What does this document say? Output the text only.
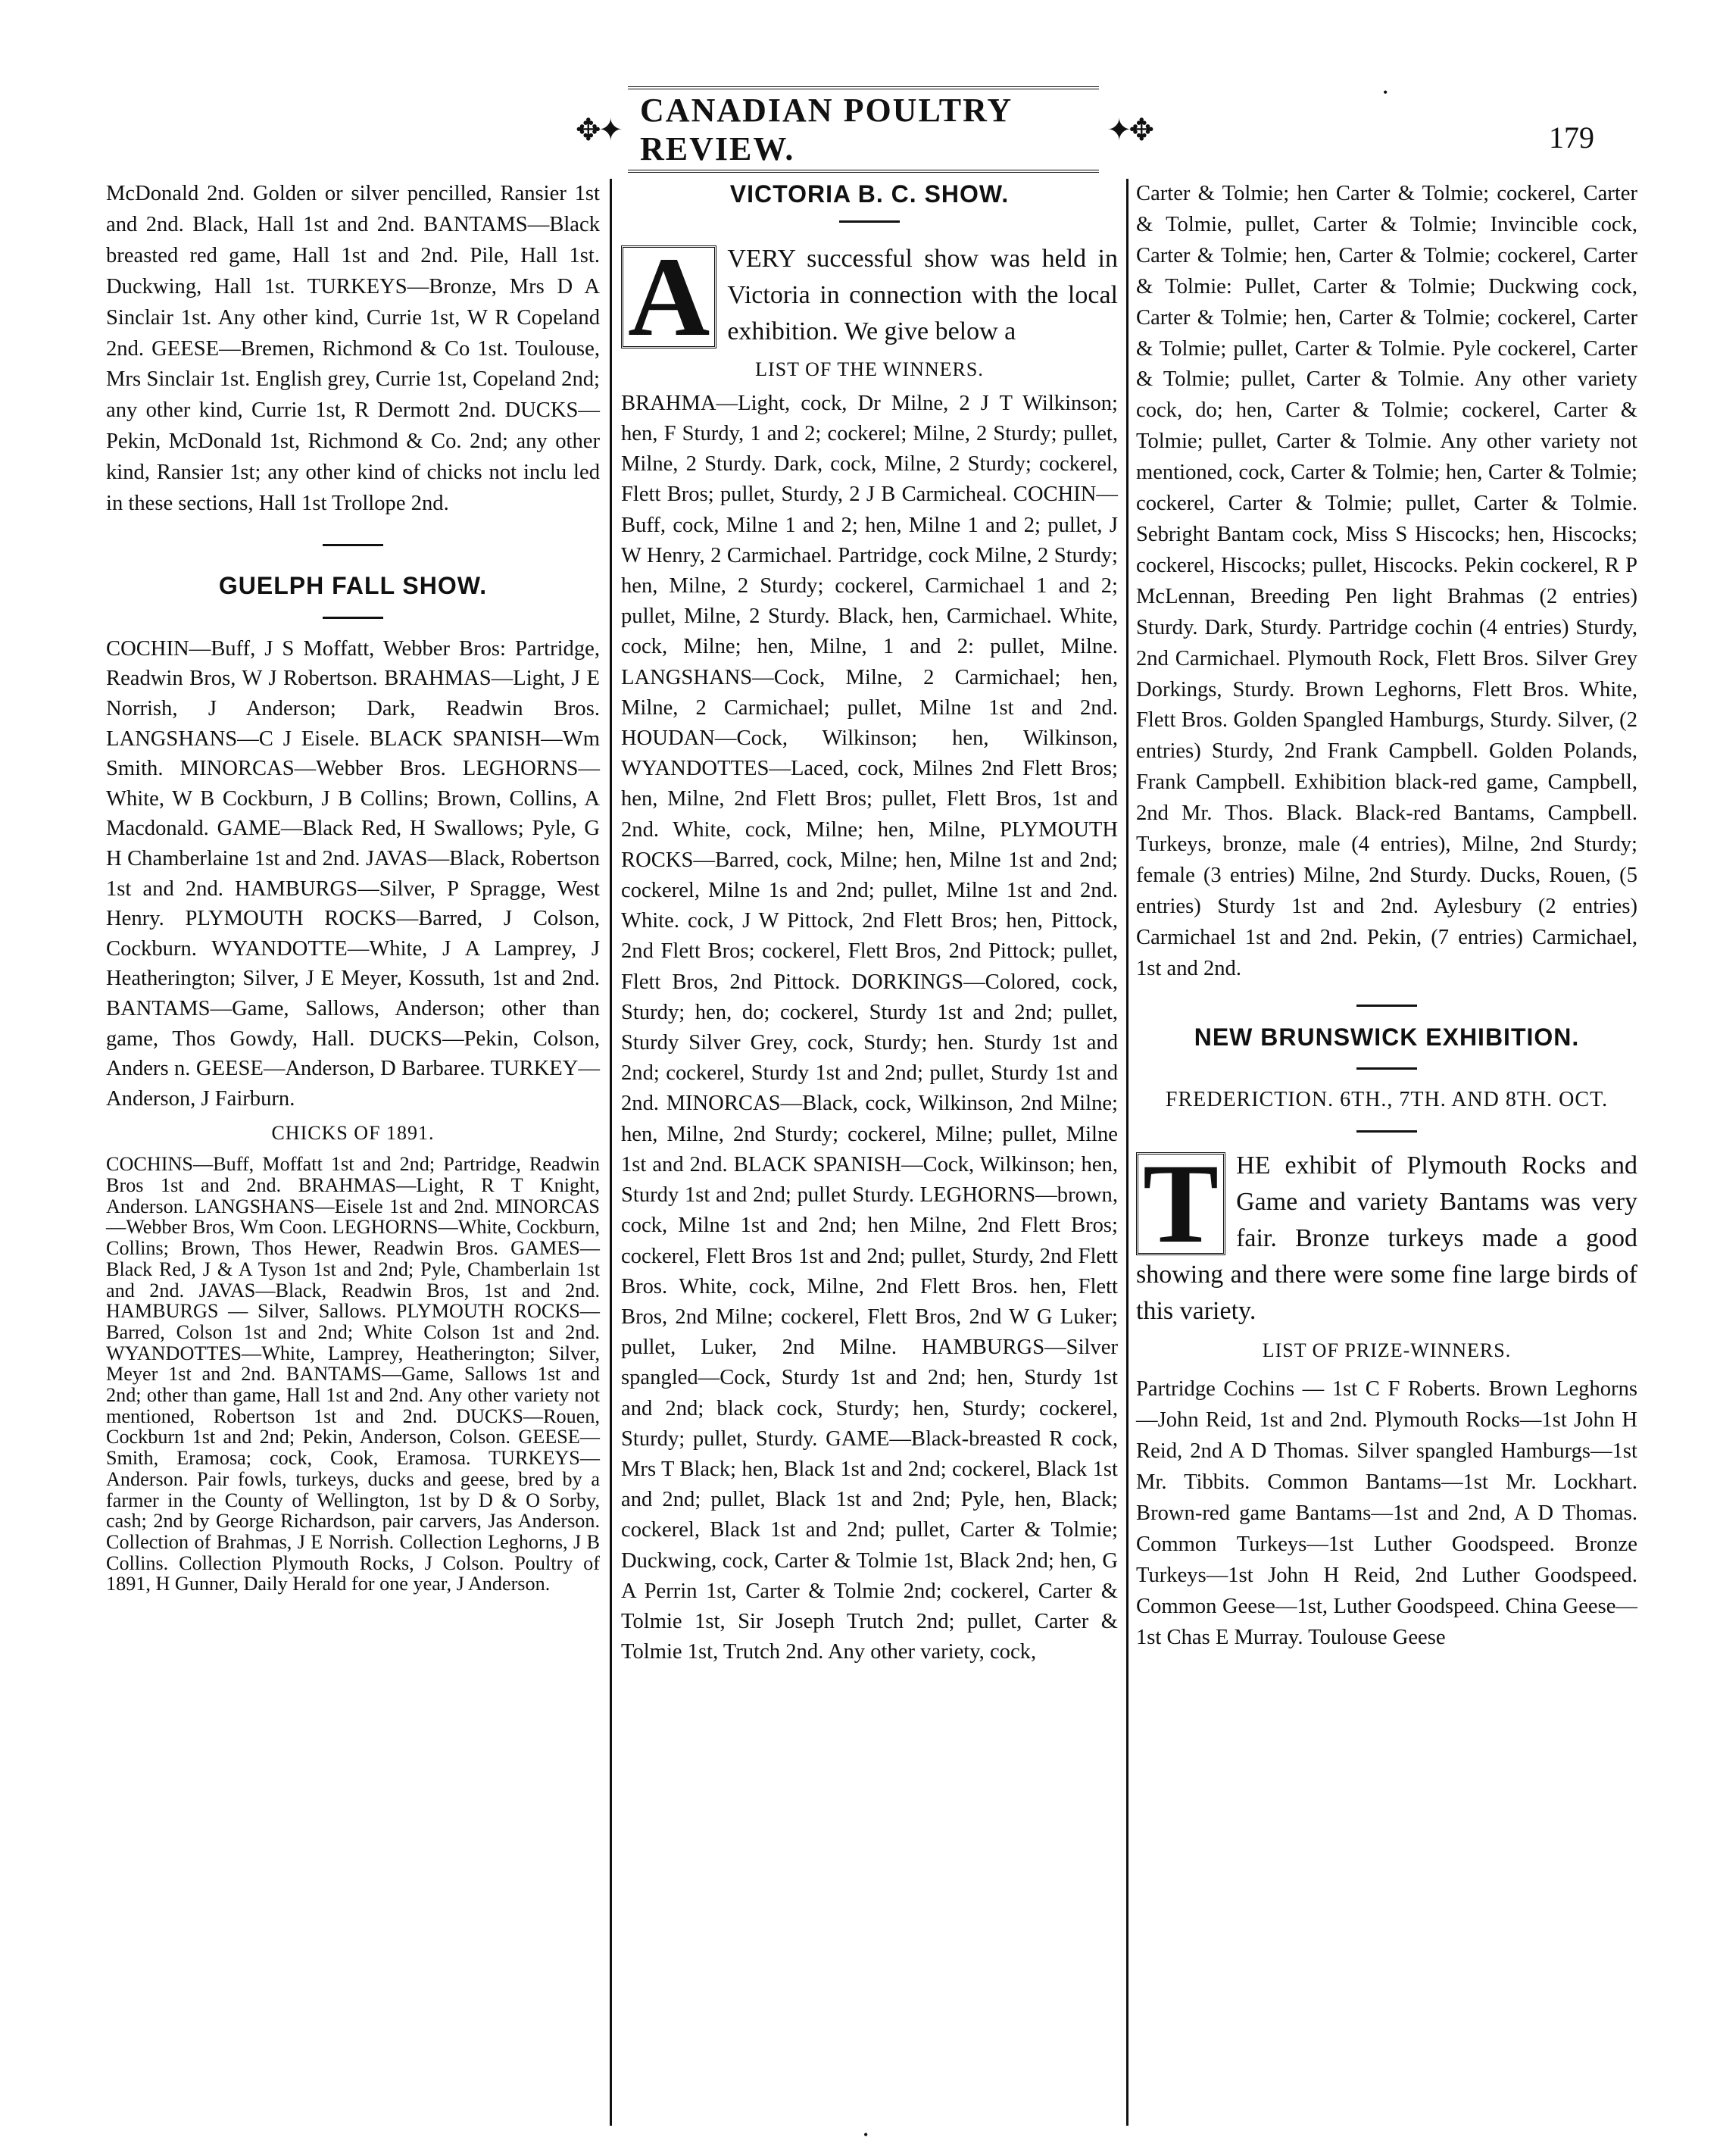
✥✦
CANADIAN POULTRY REVIEW.
✦✥	179
•
•

McDonald 2nd. Golden or silver pencilled, Ransier 1st and 2nd. Black, Hall 1st and 2nd. BANTAMS—Black breasted red game, Hall 1st and 2nd. Pile, Hall 1st. Duckwing, Hall 1st. TURKEYS—Bronze, Mrs D A Sinclair 1st. Any other kind, Currie 1st, W R Copeland 2nd. GEESE—Bremen, Richmond & Co 1st. Toulouse, Mrs Sinclair 1st. English grey, Currie 1st, Copeland 2nd; any other kind, Currie 1st, R Dermott 2nd. DUCKS—Pekin, McDonald 1st, Richmond & Co. 2nd; any other kind, Ransier 1st; any other kind of chicks not inclu led in these sections, Hall 1st Trollope 2nd.

GUELPH FALL SHOW.

COCHIN—Buff, J S Moffatt, Webber Bros: Partridge, Readwin Bros, W J Robertson. BRAHMAS—Light, J E Norrish, J Anderson; Dark, Readwin Bros. LANGSHANS—C J Eisele. BLACK SPANISH—Wm Smith. MINORCAS—Webber Bros. LEGHORNS—White, W B Cockburn, J B Collins; Brown, Collins, A Macdonald. GAME—Black Red, H Swallows; Pyle, G H Chamberlaine 1st and 2nd. JAVAS—Black, Robertson 1st and 2nd. HAMBURGS—Silver, P Spragge, West Henry. PLYMOUTH ROCKS—Barred, J Colson, Cockburn. WYANDOTTE—White, J A Lamprey, J Heatherington; Silver, J E Meyer, Kossuth, 1st and 2nd. BANTAMS—Game, Sallows, Anderson; other than game, Thos Gowdy, Hall. DUCKS—Pekin, Colson, Anders n. GEESE—Anderson, D Barbaree. TURKEY—Anderson, J Fairburn.

CHICKS OF 1891.

COCHINS—Buff, Moffatt 1st and 2nd; Partridge, Readwin Bros 1st and 2nd. BRAHMAS—Light, R T Knight, Anderson. LANGSHANS—Eisele 1st and 2nd. MINORCAS—Webber Bros, Wm Coon. LEGHORNS—White, Cockburn, Collins; Brown, Thos Hewer, Readwin Bros. GAMES—Black Red, J & A Tyson 1st and 2nd; Pyle, Chamberlain 1st and 2nd. JAVAS—Black, Readwin Bros, 1st and 2nd. HAMBURGS — Silver, Sallows. PLYMOUTH ROCKS—Barred, Colson 1st and 2nd; White Colson 1st and 2nd. WYANDOTTES—White, Lamprey, Heatherington; Silver, Meyer 1st and 2nd. BANTAMS—Game, Sallows 1st and 2nd; other than game, Hall 1st and 2nd. Any other variety not mentioned, Robertson 1st and 2nd. DUCKS—Rouen, Cockburn 1st and 2nd; Pekin, Anderson, Colson. GEESE—Smith, Eramosa; cock, Cook, Eramosa. TURKEYS—Anderson. Pair fowls, turkeys, ducks and geese, bred by a farmer in the County of Wellington, 1st by D & O Sorby, cash; 2nd by George Richardson, pair carvers, Jas Anderson. Collection of Brahmas, J E Norrish. Collection Leghorns, J B Collins. Collection Plymouth Rocks, J Colson. Poultry of 1891, H Gunner, Daily Herald for one year, J Anderson.

VICTORIA B. C. SHOW.

A VERY successful show was held in Victoria in connection with the local exhibition. We give below a

LIST OF THE WINNERS.

BRAHMA—Light, cock, Dr Milne, 2 J T Wilkinson; hen, F Sturdy, 1 and 2; cockerel; Milne, 2 Sturdy; pullet, Milne, 2 Sturdy. Dark, cock, Milne, 2 Sturdy; cockerel, Flett Bros; pullet, Sturdy, 2 J B Carmicheal. COCHIN—Buff, cock, Milne 1 and 2; hen, Milne 1 and 2; pullet, J W Henry, 2 Carmichael. Partridge, cock Milne, 2 Sturdy; hen, Milne, 2 Sturdy; cockerel, Carmichael 1 and 2; pullet, Milne, 2 Sturdy. Black, hen, Carmichael. White, cock, Milne; hen, Milne, 1 and 2: pullet, Milne. LANGSHANS—Cock, Milne, 2 Carmichael; hen, Milne, 2 Carmichael; pullet, Milne 1st and 2nd. HOUDAN—Cock, Wilkinson; hen, Wilkinson, WYANDOTTES—Laced, cock, Milnes 2nd Flett Bros; hen, Milne, 2nd Flett Bros; pullet, Flett Bros, 1st and 2nd. White, cock, Milne; hen, Milne, PLYMOUTH ROCKS—Barred, cock, Milne; hen, Milne 1st and 2nd; cockerel, Milne 1s and 2nd; pullet, Milne 1st and 2nd. White. cock, J W Pittock, 2nd Flett Bros; hen, Pittock, 2nd Flett Bros; cockerel, Flett Bros, 2nd Pittock; pullet, Flett Bros, 2nd Pittock. DORKINGS—Colored, cock, Sturdy; hen, do; cockerel, Sturdy 1st and 2nd; pullet, Sturdy Silver Grey, cock, Sturdy; hen. Sturdy 1st and 2nd; cockerel, Sturdy 1st and 2nd; pullet, Sturdy 1st and 2nd. MINORCAS—Black, cock, Wilkinson, 2nd Milne; hen, Milne, 2nd Sturdy; cockerel, Milne; pullet, Milne 1st and 2nd. BLACK SPANISH—Cock, Wilkinson; hen, Sturdy 1st and 2nd; pullet Sturdy. LEGHORNS—brown, cock, Milne 1st and 2nd; hen Milne, 2nd Flett Bros; cockerel, Flett Bros 1st and 2nd; pullet, Sturdy, 2nd Flett Bros. White, cock, Milne, 2nd Flett Bros. hen, Flett Bros, 2nd Milne; cockerel, Flett Bros, 2nd W G Luker; pullet, Luker, 2nd Milne. HAMBURGS—Silver spangled—Cock, Sturdy 1st and 2nd; hen, Sturdy 1st and 2nd; black cock, Sturdy; hen, Sturdy; cockerel, Sturdy; pullet, Sturdy. GAME—Black-breasted R cock, Mrs T Black; hen, Black 1st and 2nd; cockerel, Black 1st and 2nd; pullet, Black 1st and 2nd; Pyle, hen, Black; cockerel, Black 1st and 2nd; pullet, Carter & Tolmie; Duckwing, cock, Carter & Tolmie 1st, Black 2nd; hen, G A Perrin 1st, Carter & Tolmie 2nd; cockerel, Carter & Tolmie 1st, Sir Joseph Trutch 2nd; pullet, Carter & Tolmie 1st, Trutch 2nd. Any other variety, cock,

Carter & Tolmie; hen Carter & Tolmie; cockerel, Carter & Tolmie, pullet, Carter & Tolmie; Invincible cock, Carter & Tolmie; hen, Carter & Tolmie; cockerel, Carter & Tolmie: Pullet, Carter & Tolmie; Duckwing cock, Carter & Tolmie; hen, Carter & Tolmie; cockerel, Carter & Tolmie; pullet, Carter & Tolmie. Pyle cockerel, Carter & Tolmie; pullet, Carter & Tolmie. Any other variety cock, do; hen, Carter & Tolmie; cockerel, Carter & Tolmie; pullet, Carter & Tolmie. Any other variety not mentioned, cock, Carter & Tolmie; hen, Carter & Tolmie; cockerel, Carter & Tolmie; pullet, Carter & Tolmie. Sebright Bantam cock, Miss S Hiscocks; hen, Hiscocks; cockerel, Hiscocks; pullet, Hiscocks. Pekin cockerel, R P McLennan, Breeding Pen light Brahmas (2 entries) Sturdy. Dark, Sturdy. Partridge cochin (4 entries) Sturdy, 2nd Carmichael. Plymouth Rock, Flett Bros. Silver Grey Dorkings, Sturdy. Brown Leghorns, Flett Bros. White, Flett Bros. Golden Spangled Hamburgs, Sturdy. Silver, (2 entries) Sturdy, 2nd Frank Campbell. Golden Polands, Frank Campbell. Exhibition black-red game, Campbell, 2nd Mr. Thos. Black. Black-red Bantams, Campbell. Turkeys, bronze, male (4 entries), Milne, 2nd Sturdy; female (3 entries) Milne, 2nd Sturdy. Ducks, Rouen, (5 entries) Sturdy 1st and 2nd. Aylesbury (2 entries) Carmichael 1st and 2nd. Pekin, (7 entries) Carmichael, 1st and 2nd.

NEW BRUNSWICK EXHIBITION.

FREDERICTION. 6TH., 7TH. AND 8TH. OCT.

T HE exhibit of Plymouth Rocks and Game and variety Bantams was very fair. Bronze turkeys made a good showing and there were some fine large birds of this variety.

LIST OF PRIZE-WINNERS.

Partridge Cochins — 1st C F Roberts. Brown Leghorns—John Reid, 1st and 2nd. Plymouth Rocks—1st John H Reid, 2nd A D Thomas. Silver spangled Hamburgs—1st Mr. Tibbits. Common Bantams—1st Mr. Lockhart. Brown-red game Bantams—1st and 2nd, A D Thomas. Common Turkeys—1st Luther Goodspeed. Bronze Turkeys—1st John H Reid, 2nd Luther Goodspeed. Common Geese—1st, Luther Goodspeed. China Geese—1st Chas E Murray. Toulouse Geese
